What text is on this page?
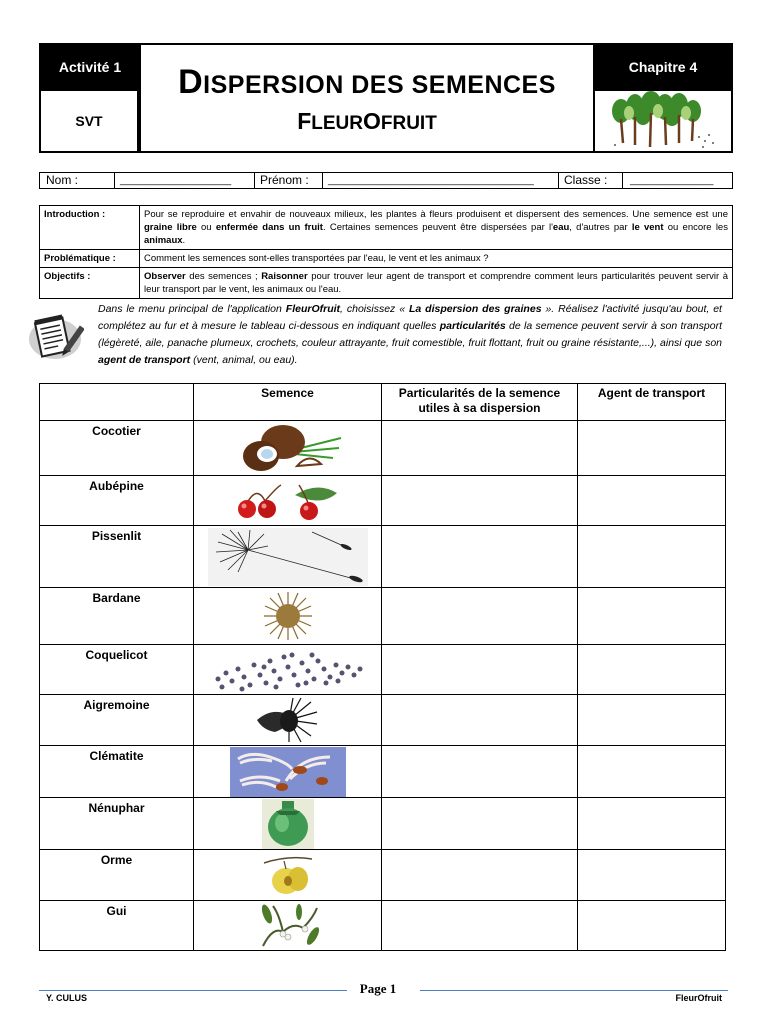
Activité 1
SVT
DISPERSION DES SEMENCES
FLEUROFRUIT
Chapitre 4
Nom :	____________________ Prénom : _____________________________________	Classe : _______________
Introduction :	Pour se reproduire et envahir de nouveaux milieux, les plantes à fleurs produisent et dispersent des semences. Une semence est une graine libre ou enfermée dans un fruit. Certaines semences peuvent être dispersées par l'eau, d'autres par le vent ou encore les animaux.
Problématique :	Comment les semences sont-elles transportées par l'eau, le vent et les animaux ?
Objectifs :	Observer des semences ; Raisonner pour trouver leur agent de transport et comprendre comment leurs particularités peuvent servir à leur transport par le vent, les animaux ou l'eau.
Dans le menu principal de l'application FleurOfruit, choisissez « La dispersion des graines ». Réalisez l'activité jusqu'au bout, et complétez au fur et à mesure le tableau ci-dessous en indiquant quelles particularités de la semence peuvent servir à son transport (légèreté, aile, panache plumeux, crochets, couleur attrayante, fruit comestible, fruit flottant, fruit ou graine résistante,...), ainsi que son agent de transport (vent, animal, ou eau).
	Semence	Particularités de la semence utiles à sa dispersion	Agent de transport
Cocotier	

Aubépine	

Pissenlit	

Bardane	

Coquelicot	

Aigremoine	

Clématite	

Nénuphar	

Orme	

Gui	

Page 1
Y. CULUS	FleurOfruit
